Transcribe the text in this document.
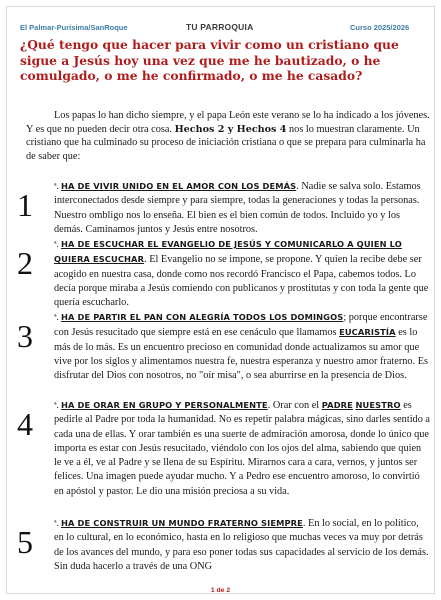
El Palmar-Purísima/SanRoque	TU PARROQUIA	Curso 2025/2026
¿Qué tengo que hacer para vivir como un cristiano que sigue a Jesús hoy una vez que me he bautizado, o he comulgado, o me he confirmado, o me he casado?
Los papas lo han dicho siempre, y el papa León este verano se lo ha indicado a los jóvenes. Y es que no pueden decir otra cosa. Hechos 2 y Hechos 4 nos lo muestran claramente. Un cristiano que ha culminado su proceso de iniciación cristiana o que se prepara para culminarla ha de saber que:
1
ª. HA DE VIVIR UNIDO EN EL AMOR CON LOS DEMÁS. Nadie se salva solo. Estamos interconectados desde siempre y para siempre, todas la generaciones y todas la personas. Nuestro ombligo nos lo enseña. El bien es el bien común de todos. Incluido yo y los demás. Caminamos juntos y Jesús entre nosotros.
2
ª. HA DE ESCUCHAR EL EVANGELIO DE JESÚS Y COMUNICARLO A QUIEN LO QUIERA ESCUCHAR. El Evangelio no se impone, se propone. Y quien la recibe debe ser acogido en nuestra casa, donde como nos recordó Francisco el Papa, cabemos todos. Lo decía porque miraba a Jesús comiendo con publicanos y prostitutas y con toda la gente que quería escucharlo.
3
ª. HA DE PARTIR EL PAN CON ALEGRÍA TODOS LOS DOMINGOS; porque encontrarse con Jesús resucitado que siempre está en ese cenáculo que llamamos EUCARISTÍA es lo más de lo más. Es un encuentro precioso en comunidad donde actualizamos su amor que vive por los siglos y alimentamos nuestra fe, nuestra esperanza y nuestro amor fraterno. Es disfrutar del Dios con nosotros, no "oír misa", o sea aburrirse en la presencia de Dios.
4
ª. HA DE ORAR EN GRUPO Y PERSONALMENTE. Orar con el PADRE NUESTRO es pedirle al Padre por toda la humanidad. No es repetir palabra mágicas, sino darles sentido a cada una de ellas. Y orar también es una suerte de admiración amorosa, donde lo único que importa es estar con Jesús resucitado, viéndolo con los ojos del alma, sabiendo que quien le ve a él, ve al Padre y se llena de su Espíritu. Mirarnos cara a cara, vernos, y juntos ser felices. Una imagen puede ayudar mucho. Y a Pedro ese encuentro amoroso, lo convirtió en apóstol y pastor. Le dio una misión preciosa a su vida.
5
ª. HA DE CONSTRUIR UN MUNDO FRATERNO SIEMPRE. En lo social, en lo político, en lo cultural, en lo económico, hasta en lo religioso que muchas veces va muy por detrás de los avances del mundo, y para eso poner todas sus capacidades al servicio de los demás. Sin duda hacerlo a través de una ONG
1 de 2
